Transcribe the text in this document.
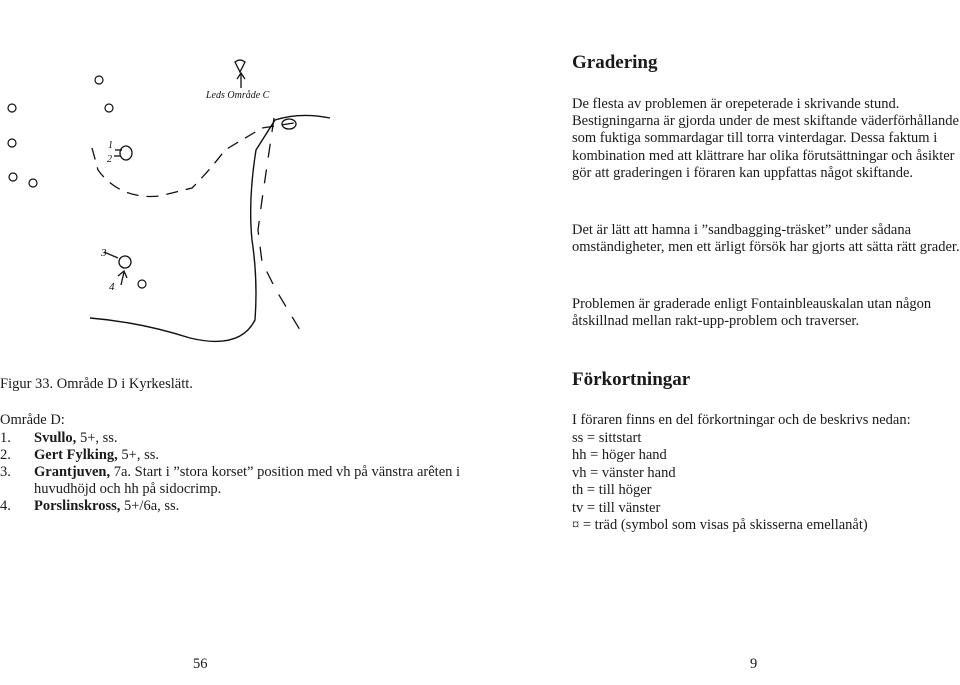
Leds Område C
1
2
3
4
Figur 33. Område D i Kyrkeslätt.
Område D:
1.	Svullo, 5+, ss.
2.	Gert Fylking, 5+, ss.
3.	Grantjuven, 7a. Start i ”stora korset” position med vh på vänstra arêten i huvudhöjd och hh på sidocrimp.
4.	Porslinskross, 5+/6a, ss.
Gradering

De flesta av problemen är orepeterade i skrivande stund. Bestigningarna är gjorda under de mest skiftande väderförhållande som fuktiga sommardagar till torra vinterdagar. Dessa faktum i kombination med att klättrare har olika förutsättningar och åsikter gör att graderingen i föraren kan uppfattas något skiftande.

Det är lätt att hamna i ”sandbagging-träsket” under sådana omständigheter, men ett ärligt försök har gjorts att sätta rätt grader.

Problemen är graderade enligt Fontainbleauskalan utan någon åtskillnad mellan rakt-upp-problem och traverser.

Förkortningar
I föraren finns en del förkortningar och de beskrivs nedan:
ss = sittstart
hh = höger hand
vh = vänster hand
th = till höger
tv = till vänster
¤ = träd (symbol som visas på skisserna emellanåt)
56	9
